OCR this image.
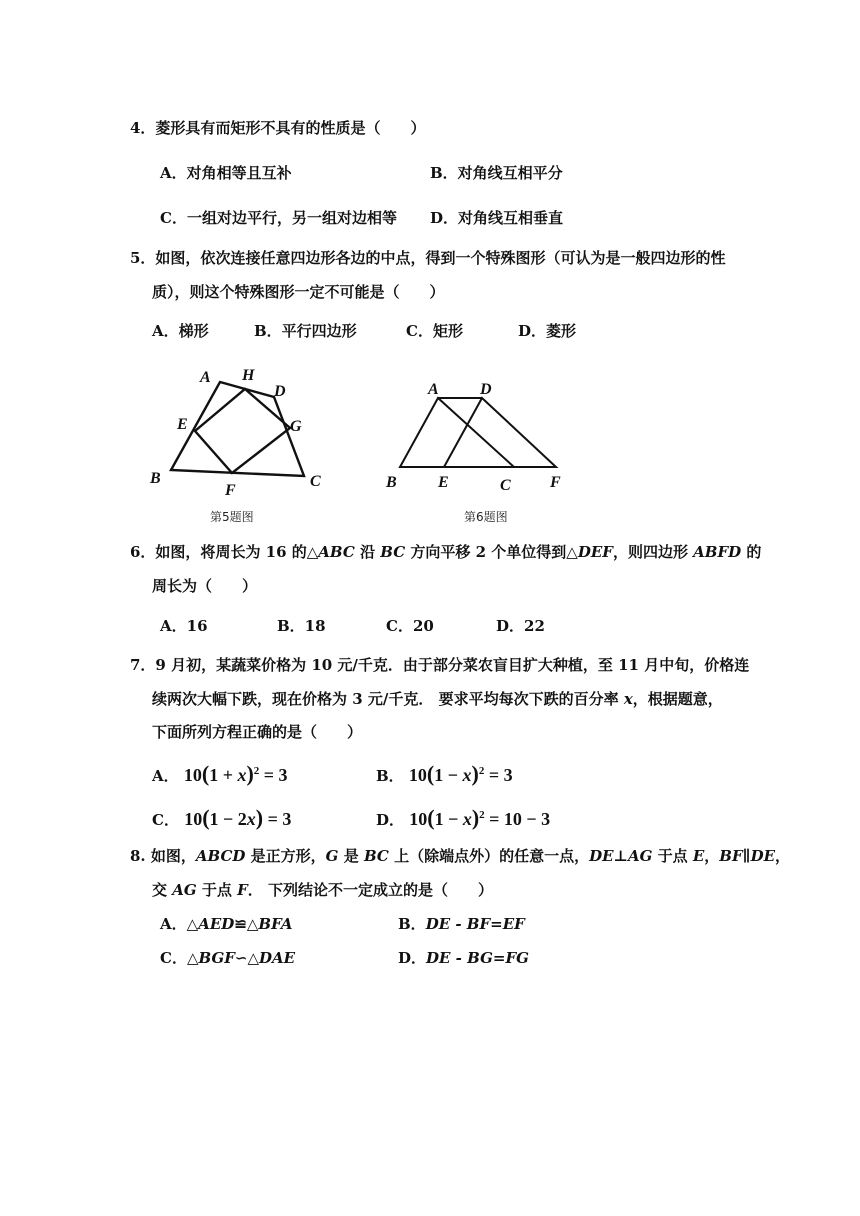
4．菱形具有而矩形不具有的性质是（　　）
A．对角相等且互补	B．对角线互相平分
C．一组对边平行，另一组对边相等 D．对角线互相垂直
5．如图，依次连接任意四边形各边的中点，得到一个特殊图形（可认为是一般四边形的性
质），则这个特殊图形一定不可能是（　　）
A．梯形	B．平行四边形	C．矩形	D．菱形
A H
D
E	G
B
F
C
第5题图
A	D
B	E	C F
第6题图
6．如图，将周长为 16 的△ABC 沿 BC 方向平移 2 个单位得到△DEF，则四边形 ABFD 的
周长为（　　）
A．16	B．18	C．20	D．22
7．9 月初，某蔬菜价格为 10 元/千克．由于部分菜农盲目扩大种植，至 11 月中旬，价格连
续两次大幅下跌，现在价格为 3 元/千克． 要求平均每次下跌的百分率 x，根据题意，
下面所列方程正确的是（　　）
A． $10(1 + x)^2 = 3$	B． $10(1 - x)^2 = 3$
C． 10(1 − 2x) = 3	D． $10(1 - x)^2 = 10 - 3$
8. 如图，ABCD 是正方形，G 是 BC 上（除端点外）的任意一点，DE⊥AG 于点 E，BF∥DE，
交 AG 于点 F． 下列结论不一定成立的是（　　）
A．△AED≌△BFA	B．DE - BF=EF
C．△BGF∽△DAE	D．DE - BG=FG
